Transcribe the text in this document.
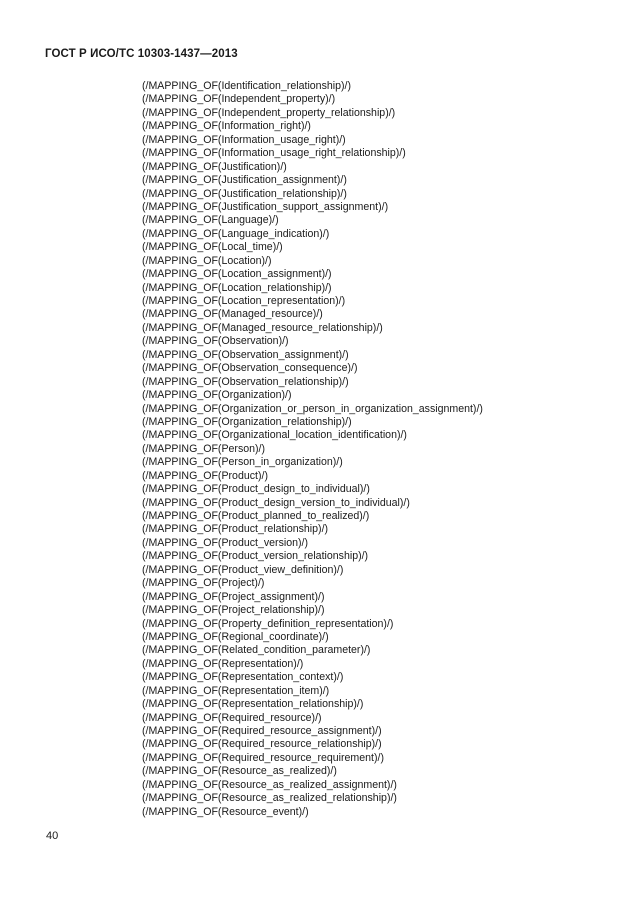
ГОСТ Р ИСО/ТС 10303-1437—2013
(/MAPPING_OF(Identification_relationship)/)
(/MAPPING_OF(Independent_property)/)
(/MAPPING_OF(Independent_property_relationship)/)
(/MAPPING_OF(Information_right)/)
(/MAPPING_OF(Information_usage_right)/)
(/MAPPING_OF(Information_usage_right_relationship)/)
(/MAPPING_OF(Justification)/)
(/MAPPING_OF(Justification_assignment)/)
(/MAPPING_OF(Justification_relationship)/)
(/MAPPING_OF(Justification_support_assignment)/)
(/MAPPING_OF(Language)/)
(/MAPPING_OF(Language_indication)/)
(/MAPPING_OF(Local_time)/)
(/MAPPING_OF(Location)/)
(/MAPPING_OF(Location_assignment)/)
(/MAPPING_OF(Location_relationship)/)
(/MAPPING_OF(Location_representation)/)
(/MAPPING_OF(Managed_resource)/)
(/MAPPING_OF(Managed_resource_relationship)/)
(/MAPPING_OF(Observation)/)
(/MAPPING_OF(Observation_assignment)/)
(/MAPPING_OF(Observation_consequence)/)
(/MAPPING_OF(Observation_relationship)/)
(/MAPPING_OF(Organization)/)
(/MAPPING_OF(Organization_or_person_in_organization_assignment)/)
(/MAPPING_OF(Organization_relationship)/)
(/MAPPING_OF(Organizational_location_identification)/)
(/MAPPING_OF(Person)/)
(/MAPPING_OF(Person_in_organization)/)
(/MAPPING_OF(Product)/)
(/MAPPING_OF(Product_design_to_individual)/)
(/MAPPING_OF(Product_design_version_to_individual)/)
(/MAPPING_OF(Product_planned_to_realized)/)
(/MAPPING_OF(Product_relationship)/)
(/MAPPING_OF(Product_version)/)
(/MAPPING_OF(Product_version_relationship)/)
(/MAPPING_OF(Product_view_definition)/)
(/MAPPING_OF(Project)/)
(/MAPPING_OF(Project_assignment)/)
(/MAPPING_OF(Project_relationship)/)
(/MAPPING_OF(Property_definition_representation)/)
(/MAPPING_OF(Regional_coordinate)/)
(/MAPPING_OF(Related_condition_parameter)/)
(/MAPPING_OF(Representation)/)
(/MAPPING_OF(Representation_context)/)
(/MAPPING_OF(Representation_item)/)
(/MAPPING_OF(Representation_relationship)/)
(/MAPPING_OF(Required_resource)/)
(/MAPPING_OF(Required_resource_assignment)/)
(/MAPPING_OF(Required_resource_relationship)/)
(/MAPPING_OF(Required_resource_requirement)/)
(/MAPPING_OF(Resource_as_realized)/)
(/MAPPING_OF(Resource_as_realized_assignment)/)
(/MAPPING_OF(Resource_as_realized_relationship)/)
(/MAPPING_OF(Resource_event)/)
40
